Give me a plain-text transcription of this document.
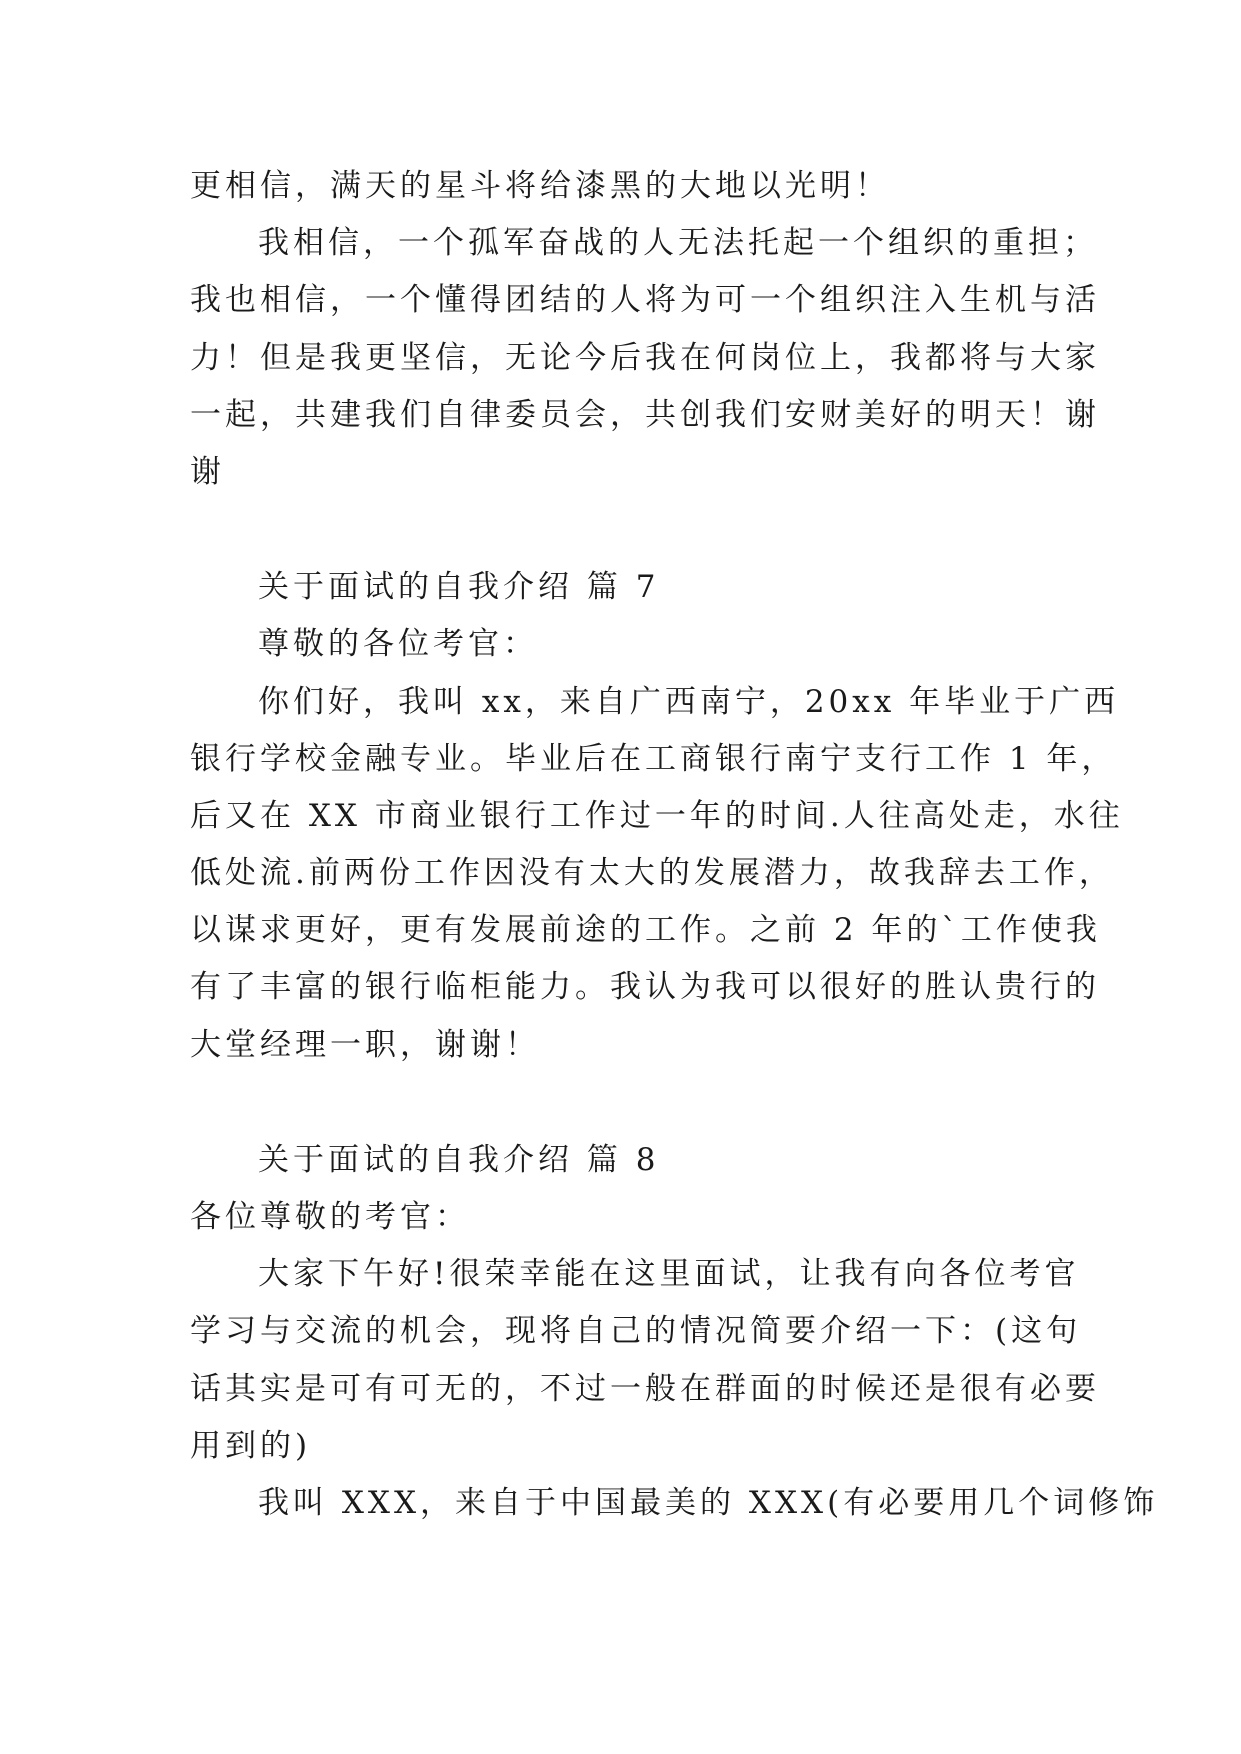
更相信，满天的星斗将给漆黑的大地以光明！

我相信，一个孤军奋战的人无法托起一个组织的重担；

我也相信，一个懂得团结的人将为可一个组织注入生机与活

力！但是我更坚信，无论今后我在何岗位上，我都将与大家

一起，共建我们自律委员会，共创我们安财美好的明天！谢

谢

关于面试的自我介绍 篇 7

尊敬的各位考官：

你们好，我叫 xx，来自广西南宁，20xx 年毕业于广西

银行学校金融专业。毕业后在工商银行南宁支行工作 1 年，

后又在 XX 市商业银行工作过一年的时间.人往高处走，水往

低处流.前两份工作因没有太大的发展潜力，故我辞去工作，

以谋求更好，更有发展前途的工作。之前 2 年的`工作使我

有了丰富的银行临柜能力。我认为我可以很好的胜认贵行的

大堂经理一职，谢谢！

关于面试的自我介绍 篇 8

各位尊敬的考官：

大家下午好!很荣幸能在这里面试，让我有向各位考官

学习与交流的机会，现将自己的情况简要介绍一下：(这句

话其实是可有可无的，不过一般在群面的时候还是很有必要

用到的)

我叫 XXX，来自于中国最美的 XXX(有必要用几个词修饰
